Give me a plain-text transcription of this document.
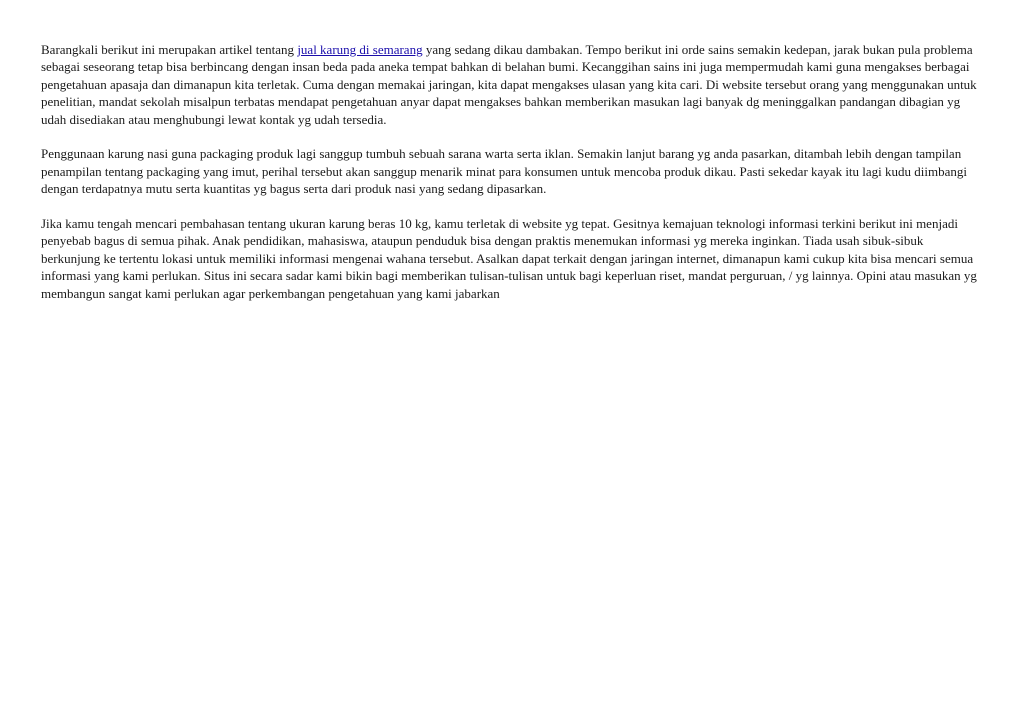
Barangkali berikut ini merupakan artikel tentang jual karung di semarang yang sedang dikau dambakan. Tempo berikut ini orde sains semakin kedepan, jarak bukan pula problema sebagai seseorang tetap bisa berbincang dengan insan beda pada aneka tempat bahkan di belahan bumi. Kecanggihan sains ini juga mempermudah kami guna mengakses berbagai pengetahuan apasaja dan dimanapun kita terletak. Cuma dengan memakai jaringan, kita dapat mengakses ulasan yang kita cari. Di website tersebut orang yang menggunakan untuk penelitian, mandat sekolah misalpun terbatas mendapat pengetahuan anyar dapat mengakses bahkan memberikan masukan lagi banyak dg meninggalkan pandangan dibagian yg udah disediakan atau menghubungi lewat kontak yg udah tersedia.

Penggunaan karung nasi guna packaging produk lagi sanggup tumbuh sebuah sarana warta serta iklan. Semakin lanjut barang yg anda pasarkan, ditambah lebih dengan tampilan penampilan tentang packaging yang imut, perihal tersebut akan sanggup menarik minat para konsumen untuk mencoba produk dikau. Pasti sekedar kayak itu lagi kudu diimbangi dengan terdapatnya mutu serta kuantitas yg bagus serta dari produk nasi yang sedang dipasarkan.

Jika kamu tengah mencari pembahasan tentang ukuran karung beras 10 kg, kamu terletak di website yg tepat. Gesitnya kemajuan teknologi informasi terkini berikut ini menjadi penyebab bagus di semua pihak. Anak pendidikan, mahasiswa, ataupun penduduk bisa dengan praktis menemukan informasi yg mereka inginkan. Tiada usah sibuk-sibuk berkunjung ke tertentu lokasi untuk memiliki informasi mengenai wahana tersebut. Asalkan dapat terkait dengan jaringan internet, dimanapun kami cukup kita bisa mencari semua informasi yang kami perlukan. Situs ini secara sadar kami bikin bagi memberikan tulisan-tulisan untuk bagi keperluan riset, mandat perguruan, / yg lainnya. Opini atau masukan yg membangun sangat kami perlukan agar perkembangan pengetahuan yang kami jabarkan
